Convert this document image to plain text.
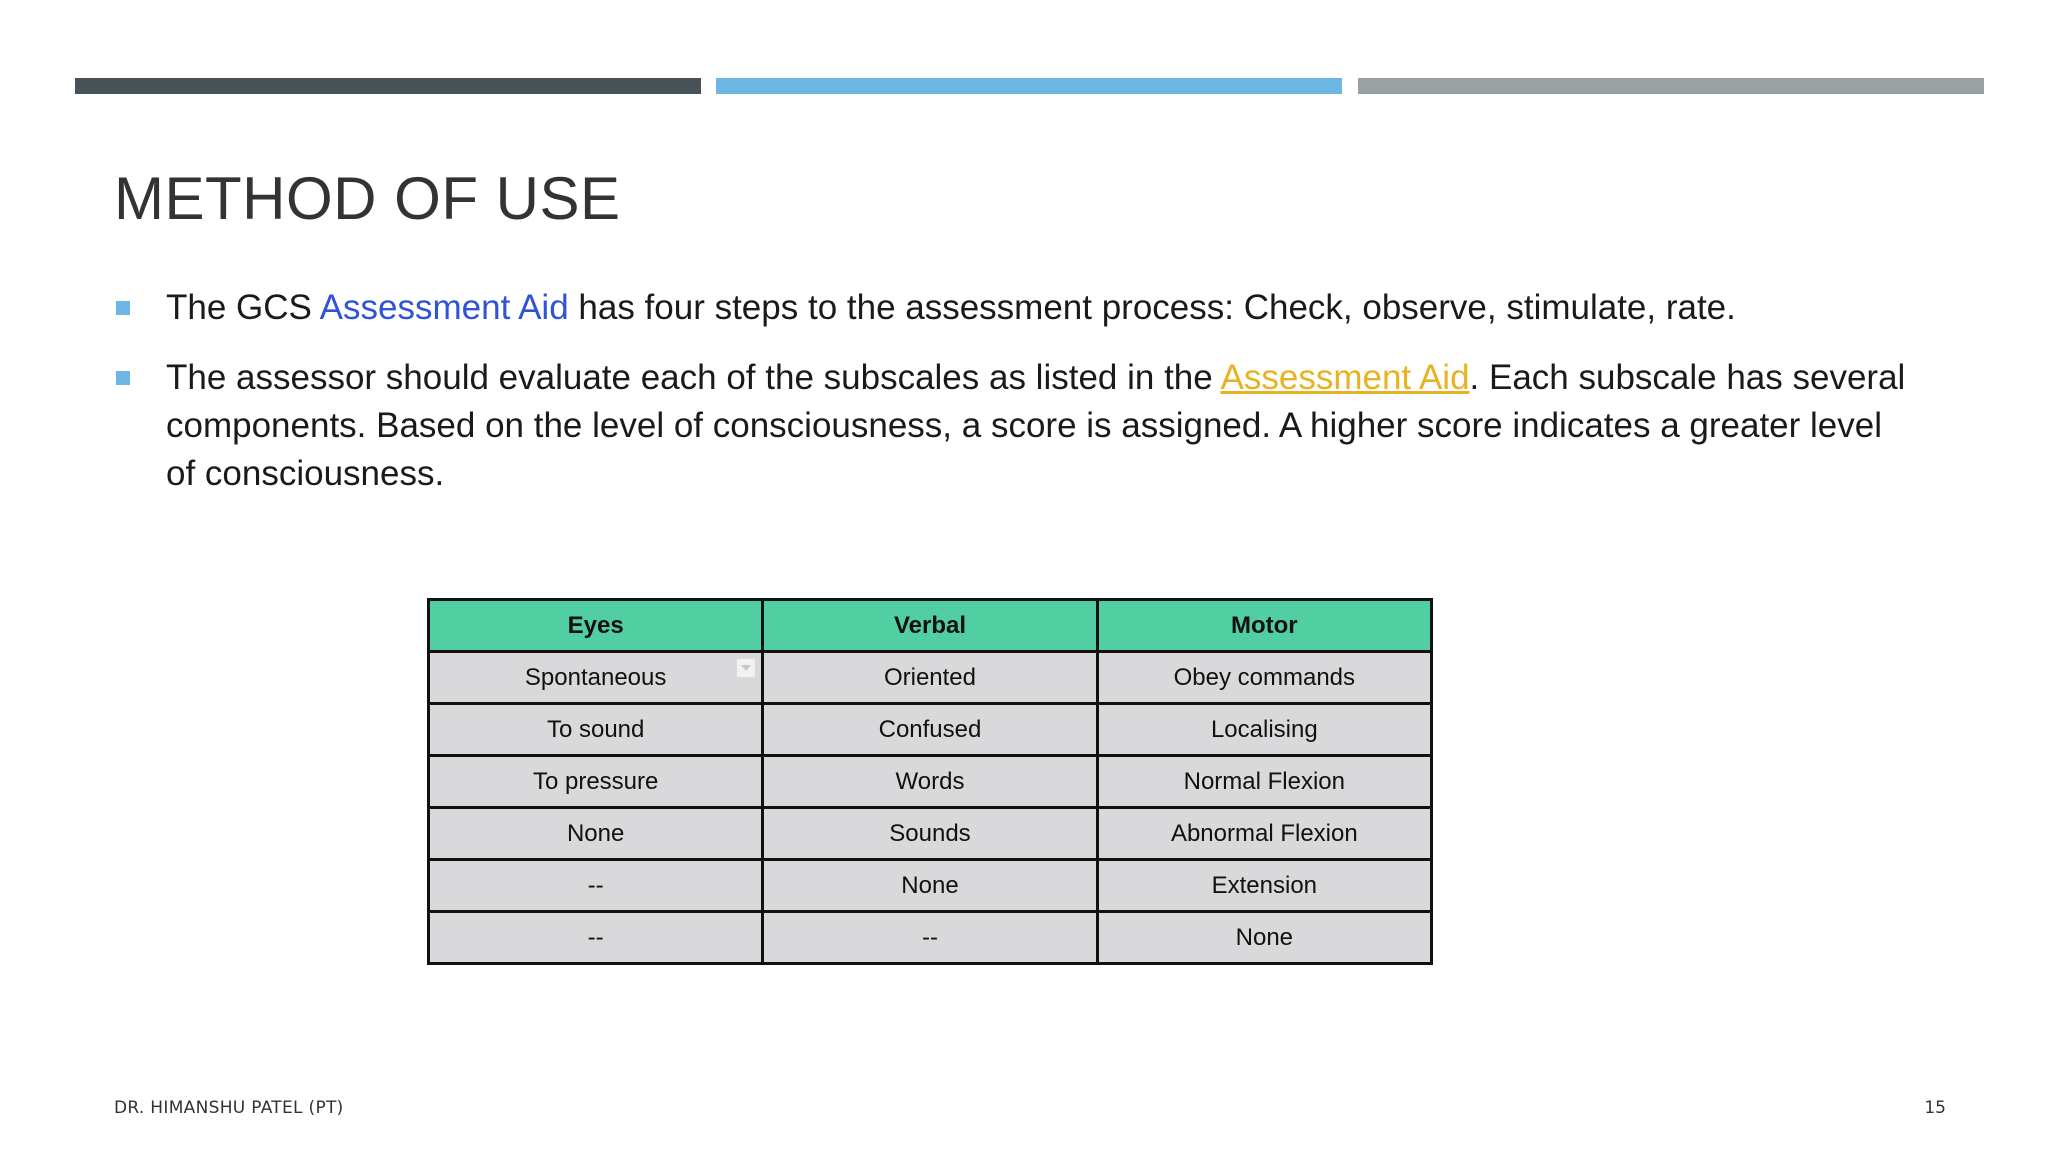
METHOD OF USE
The GCS Assessment Aid has four steps to the assessment process: Check, observe, stimulate, rate.
The assessor should evaluate each of the subscales as listed in the Assessment Aid. Each subscale has several components. Based on the level of consciousness, a score is assigned. A higher score indicates a greater level of consciousness.
Eyes	Verbal	Motor
Spontaneous	Oriented	Obey commands
To sound	Confused	Localising
To pressure	Words	Normal Flexion
None	Sounds	Abnormal Flexion
--	None	Extension
--	--	None
DR. HIMANSHU PATEL (PT)	15
